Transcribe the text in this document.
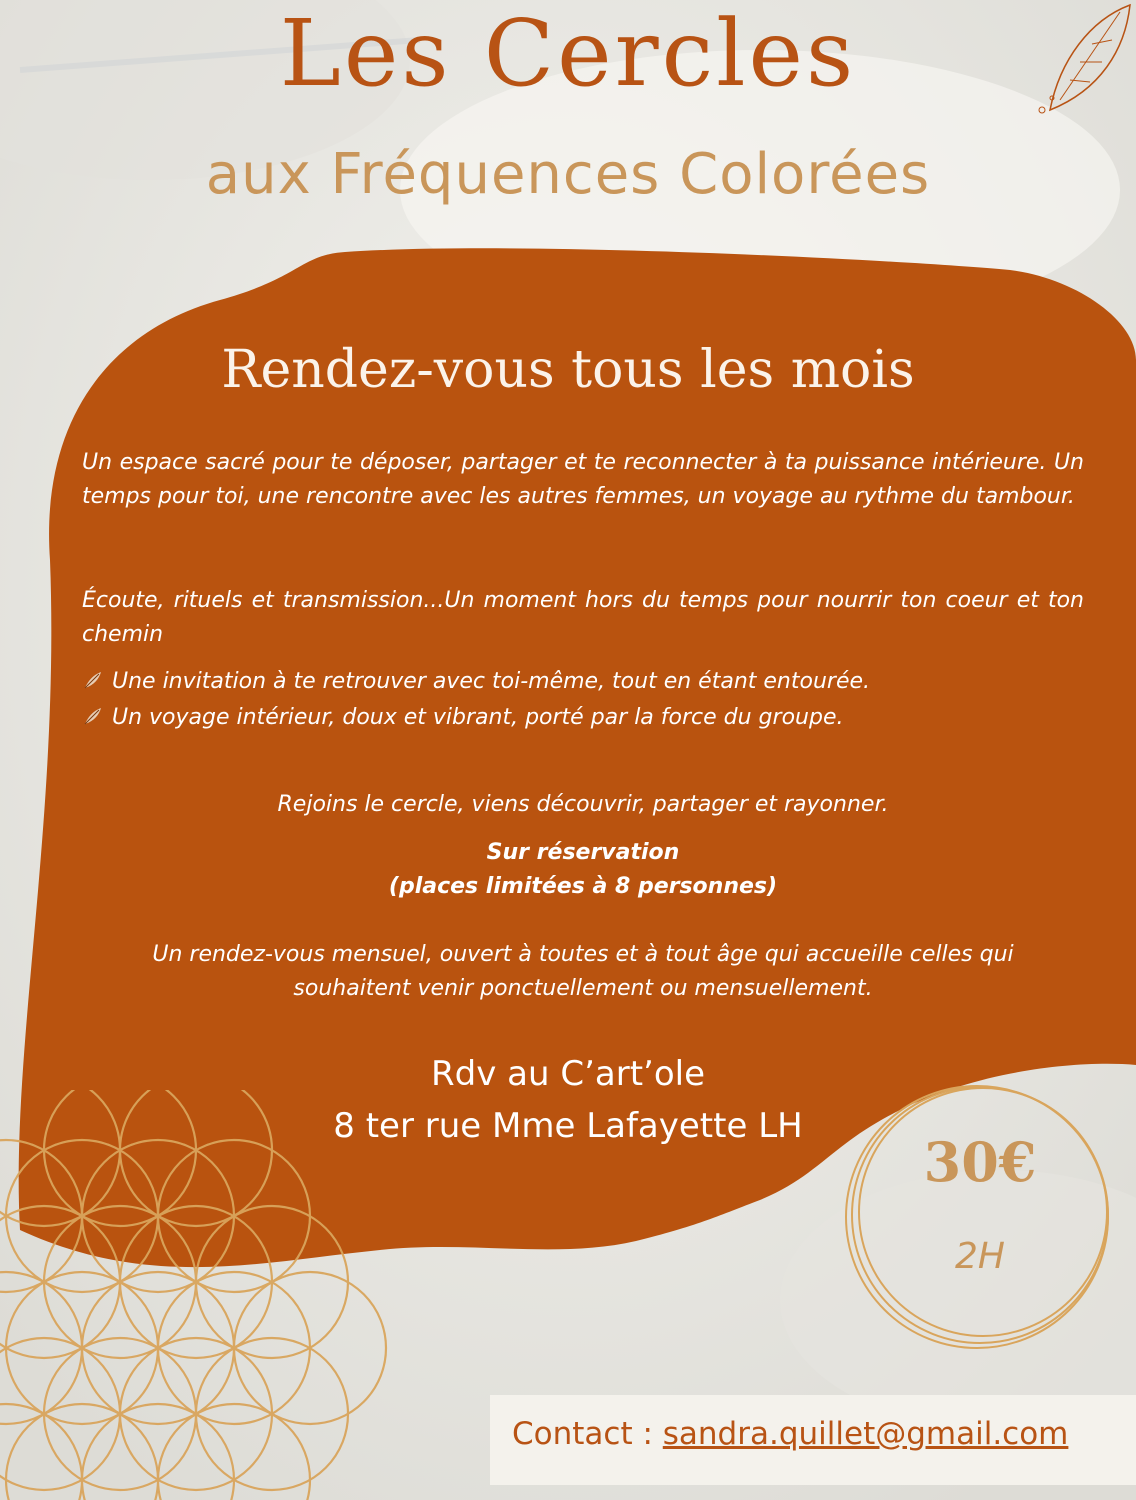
Les Cercles
aux Fréquences Colorées
Rendez-vous tous les mois

Un espace sacré pour te déposer, partager et te reconnecter à ta puissance intérieure. Un temps pour toi, une rencontre avec les autres femmes, un voyage au rythme du tambour.

Écoute, rituels et transmission...Un moment hors du temps pour nourrir ton coeur et ton chemin

Une invitation à te retrouver avec toi-même, tout en étant entourée.
Un voyage intérieur, doux et vibrant, porté par la force du groupe.

Rejoins le cercle, viens découvrir, partager et rayonner.

Sur réservation
(places limitées à 8 personnes)
Un rendez-vous mensuel, ouvert à toutes et à tout âge qui accueille celles qui
souhaitent venir ponctuellement ou mensuellement.
Rdv au C’art’ole
8 ter rue Mme Lafayette LH
30€
2H
Contact : sandra.quillet@gmail.com
